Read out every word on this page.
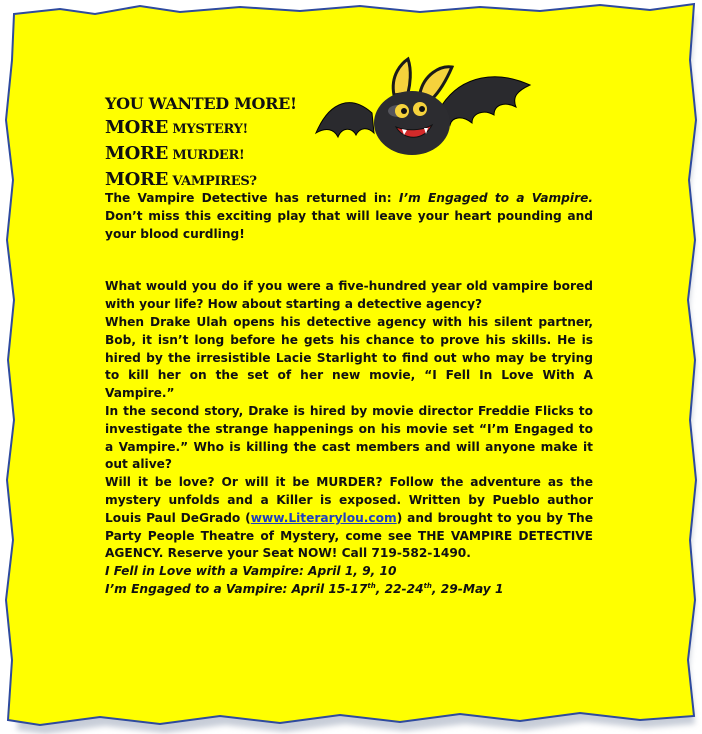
YOU WANTED MORE!
MORE MYSTERY!
MORE MURDER!
MORE VAMPIRES?

The Vampire Detective has returned in: I’m Engaged to a Vampire. Don’t miss this exciting play that will leave your heart pounding and your blood curdling!

What would you do if you were a five-hundred year old vampire bored with your life? How about starting a detective agency?

When Drake Ulah opens his detective agency with his silent partner, Bob, it isn’t long before he gets his chance to prove his skills. He is hired by the irresistible Lacie Starlight to find out who may be trying to kill her on the set of her new movie, “I Fell In Love With A Vampire.”

In the second story, Drake is hired by movie director Freddie Flicks to investigate the strange happenings on his movie set “I’m Engaged to a Vampire.” Who is killing the cast members and will anyone make it out alive?

Will it be love? Or will it be MURDER? Follow the adventure as the mystery unfolds and a Killer is exposed. Written by Pueblo author Louis Paul DeGrado (www.Literarylou.com) and brought to you by The Party People Theatre of Mystery, come see THE VAMPIRE DETECTIVE AGENCY. Reserve your Seat NOW! Call 719-582-1490.

I Fell in Love with a Vampire: April 1, 9, 10

I’m Engaged to a Vampire: April 15-17th, 22-24th, 29-May 1
